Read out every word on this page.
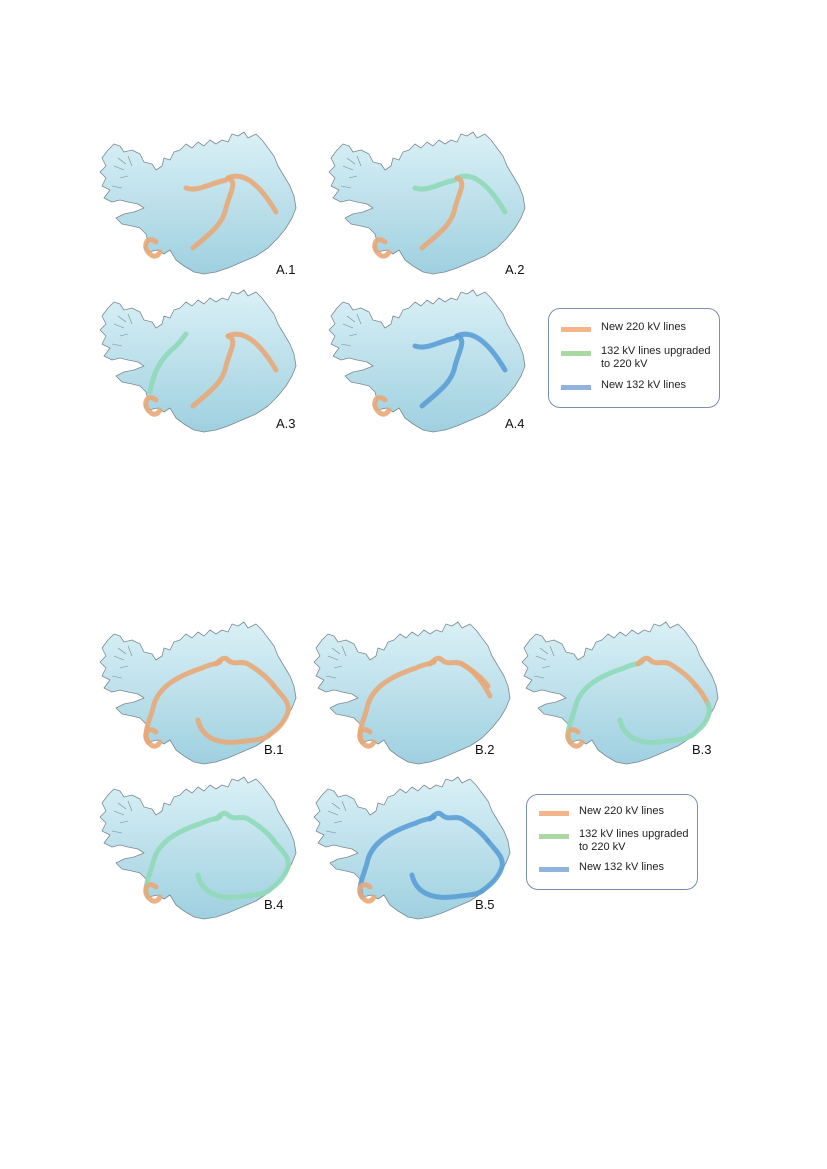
A.1	A.2
A.3	A.4
New 220 kV lines
132 kV lines upgraded
to 220 kV
New 132 kV lines
B.1	B.2	B.3
B.4	B.5
New 220 kV lines
132 kV lines upgraded
to 220 kV
New 132 kV lines
